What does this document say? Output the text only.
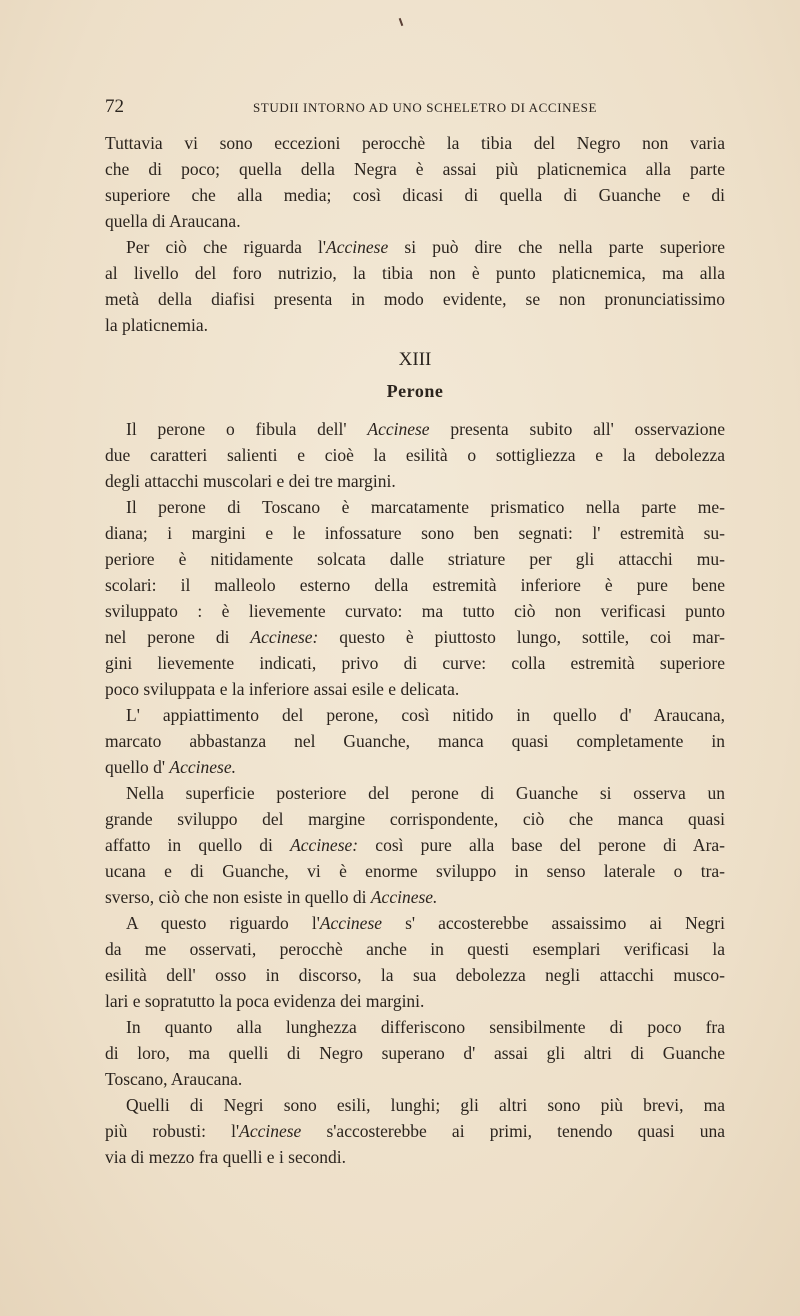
72	STUDII INTORNO AD UNO SCHELETRO DI ACCINESE
Tuttavia vi sono eccezioni perocchè la tibia del Negro non varia
che di poco; quella della Negra è assai più platicnemica alla parte
superiore che alla media; così dicasi di quella di Guanche e di
quella di Araucana.
Per ciò che riguarda l'Accinese si può dire che nella parte superiore
al livello del foro nutrizio, la tibia non è punto platicnemica, ma alla
metà della diafisi presenta in modo evidente, se non pronunciatissimo
la platicnemia.
XIII
Perone
Il perone o fibula dell' Accinese presenta subito all' osservazione
due caratteri salienti e cioè la esilità o sottigliezza e la debolezza
degli attacchi muscolari e dei tre margini.
Il perone di Toscano è marcatamente prismatico nella parte me-
diana; i margini e le infossature sono ben segnati: l' estremità su-
periore è nitidamente solcata dalle striature per gli attacchi mu-
scolari: il malleolo esterno della estremità inferiore è pure bene
sviluppato : è lievemente curvato: ma tutto ciò non verificasi punto
nel perone di Accinese: questo è piuttosto lungo, sottile, coi mar-
gini lievemente indicati, privo di curve: colla estremità superiore
poco sviluppata e la inferiore assai esile e delicata.
L' appiattimento del perone, così nitido in quello d' Araucana,
marcato abbastanza nel Guanche, manca quasi completamente in
quello d' Accinese.
Nella superficie posteriore del perone di Guanche si osserva un
grande sviluppo del margine corrispondente, ciò che manca quasi
affatto in quello di Accinese: così pure alla base del perone di Ara-
ucana e di Guanche, vi è enorme sviluppo in senso laterale o tra-
sverso, ciò che non esiste in quello di Accinese.
A questo riguardo l'Accinese s' accosterebbe assaissimo ai Negri
da me osservati, perocchè anche in questi esemplari verificasi la
esilità dell' osso in discorso, la sua debolezza negli attacchi musco-
lari e sopratutto la poca evidenza dei margini.
In quanto alla lunghezza differiscono sensibilmente di poco fra
di loro, ma quelli di Negro superano d' assai gli altri di Guanche
Toscano, Araucana.
Quelli di Negri sono esili, lunghi; gli altri sono più brevi, ma
più robusti: l'Accinese s'accosterebbe ai primi, tenendo quasi una
via di mezzo fra quelli e i secondi.
